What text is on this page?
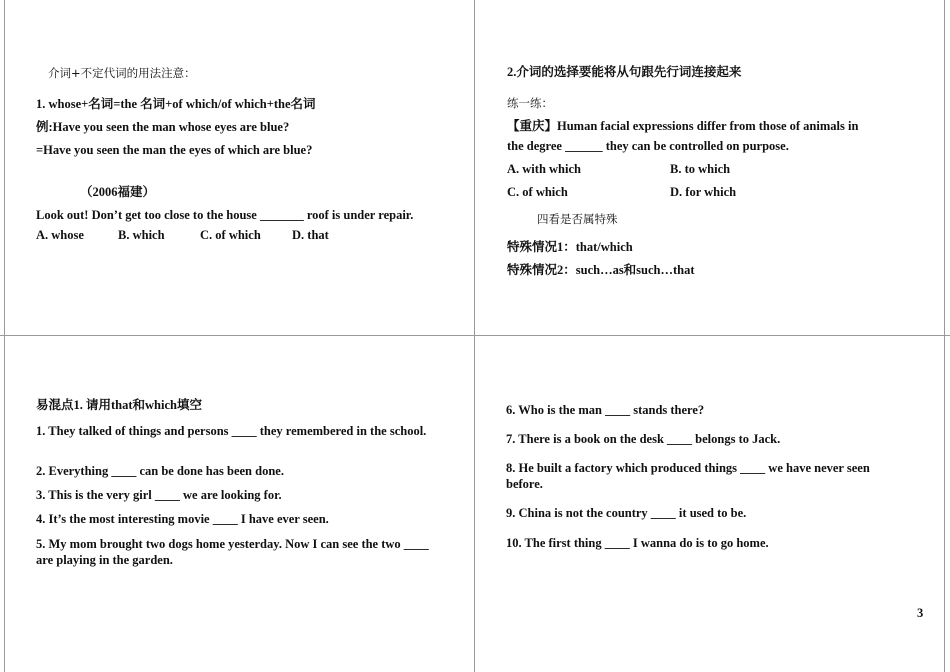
介词+不定代词的用法注意：
1. whose+名词=the 名词+of which/of which+the名词
例:Have you seen the man whose eyes are blue?
=Have you seen the man the eyes of which are blue?
（2006福建）
Look out! Don’t get too close to the house _______ roof is under repair.
A. whose	B. which	C. of which D. that
2.介词的选择要能将从句跟先行词连接起来
练一练：
【重庆】Human facial expressions differ from those of animals in
the degree ______ they can be controlled on purpose.
A. with which	B. to which
C. of which	D. for which
四看是否属特殊
特殊情况1：that/which
特殊情况2：such…as和such…that
易混点1. 请用that和which填空
1. They talked of things and persons ____ they remembered in the school.
2. Everything ____ can be done has been done.
3. This is the very girl ____ we are looking for.
4. It’s the most interesting movie ____ I have ever seen.
5. My mom brought two dogs home yesterday. Now I can see the two ____ are playing in the garden.
6. Who is the man ____ stands there?
7. There is a book on the desk ____ belongs to Jack.
8. He built a factory which produced things ____ we have never seen before.
9. China is not the country ____ it used to be.
10. The first thing ____ I wanna do is to go home.
3
